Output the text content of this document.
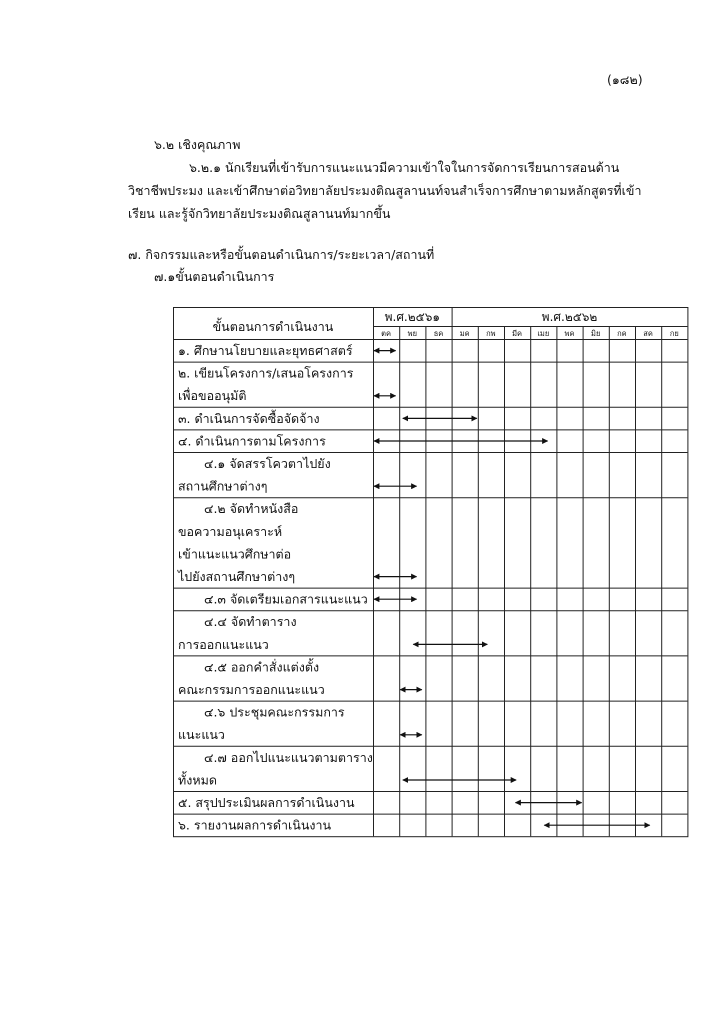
(๑๘๒)
๖.๒ เชิงคุณภาพ
๖.๒.๑ นักเรียนที่เข้ารับการแนะแนวมีความเข้าใจในการจัดการเรียนการสอนด้าน
วิชาชีพประมง และเข้าศึกษาต่อวิทยาลัยประมงติณสูลานนท์จนสำเร็จการศึกษาตามหลักสูตรที่เข้า
เรียน และรู้จักวิทยาลัยประมงติณสูลานนท์มากขึ้น
๗. กิจกรรมและหรือขั้นตอนดำเนินการ/ระยะเวลา/สถานที่
๗.๑ขั้นตอนดำเนินการ
ขั้นตอนการดำเนินงาน
พ.ศ.๒๕๖๑	พ.ศ.๒๕๖๒
ตค พย ธค มค กพ มีค เมย พค มิย กค สค กย
๑. ศึกษานโยบายและยุทธศาสตร์
๒. เขียนโครงการ/เสนอโครงการ
เพื่อขออนุมัติ
๓. ดำเนินการจัดซื้อจัดจ้าง
๔. ดำเนินการตามโครงการ
๔.๑ จัดสรรโควตาไปยัง
สถานศึกษาต่างๆ
๔.๒ จัดทำหนังสือ
ขอความอนุเคราะห์
เข้าแนะแนวศึกษาต่อ
ไปยังสถานศึกษาต่างๆ
๔.๓ จัดเตรียมเอกสารแนะแนว
๔.๔ จัดทำตาราง
การออกแนะแนว
๔.๕ ออกคำสั่งแต่งตั้ง
คณะกรรมการออกแนะแนว
๔.๖ ประชุมคณะกรรมการ
แนะแนว
๔.๗ ออกไปแนะแนวตามตาราง
ทั้งหมด
๕. สรุปประเมินผลการดำเนินงาน
๖. รายงานผลการดำเนินงาน
